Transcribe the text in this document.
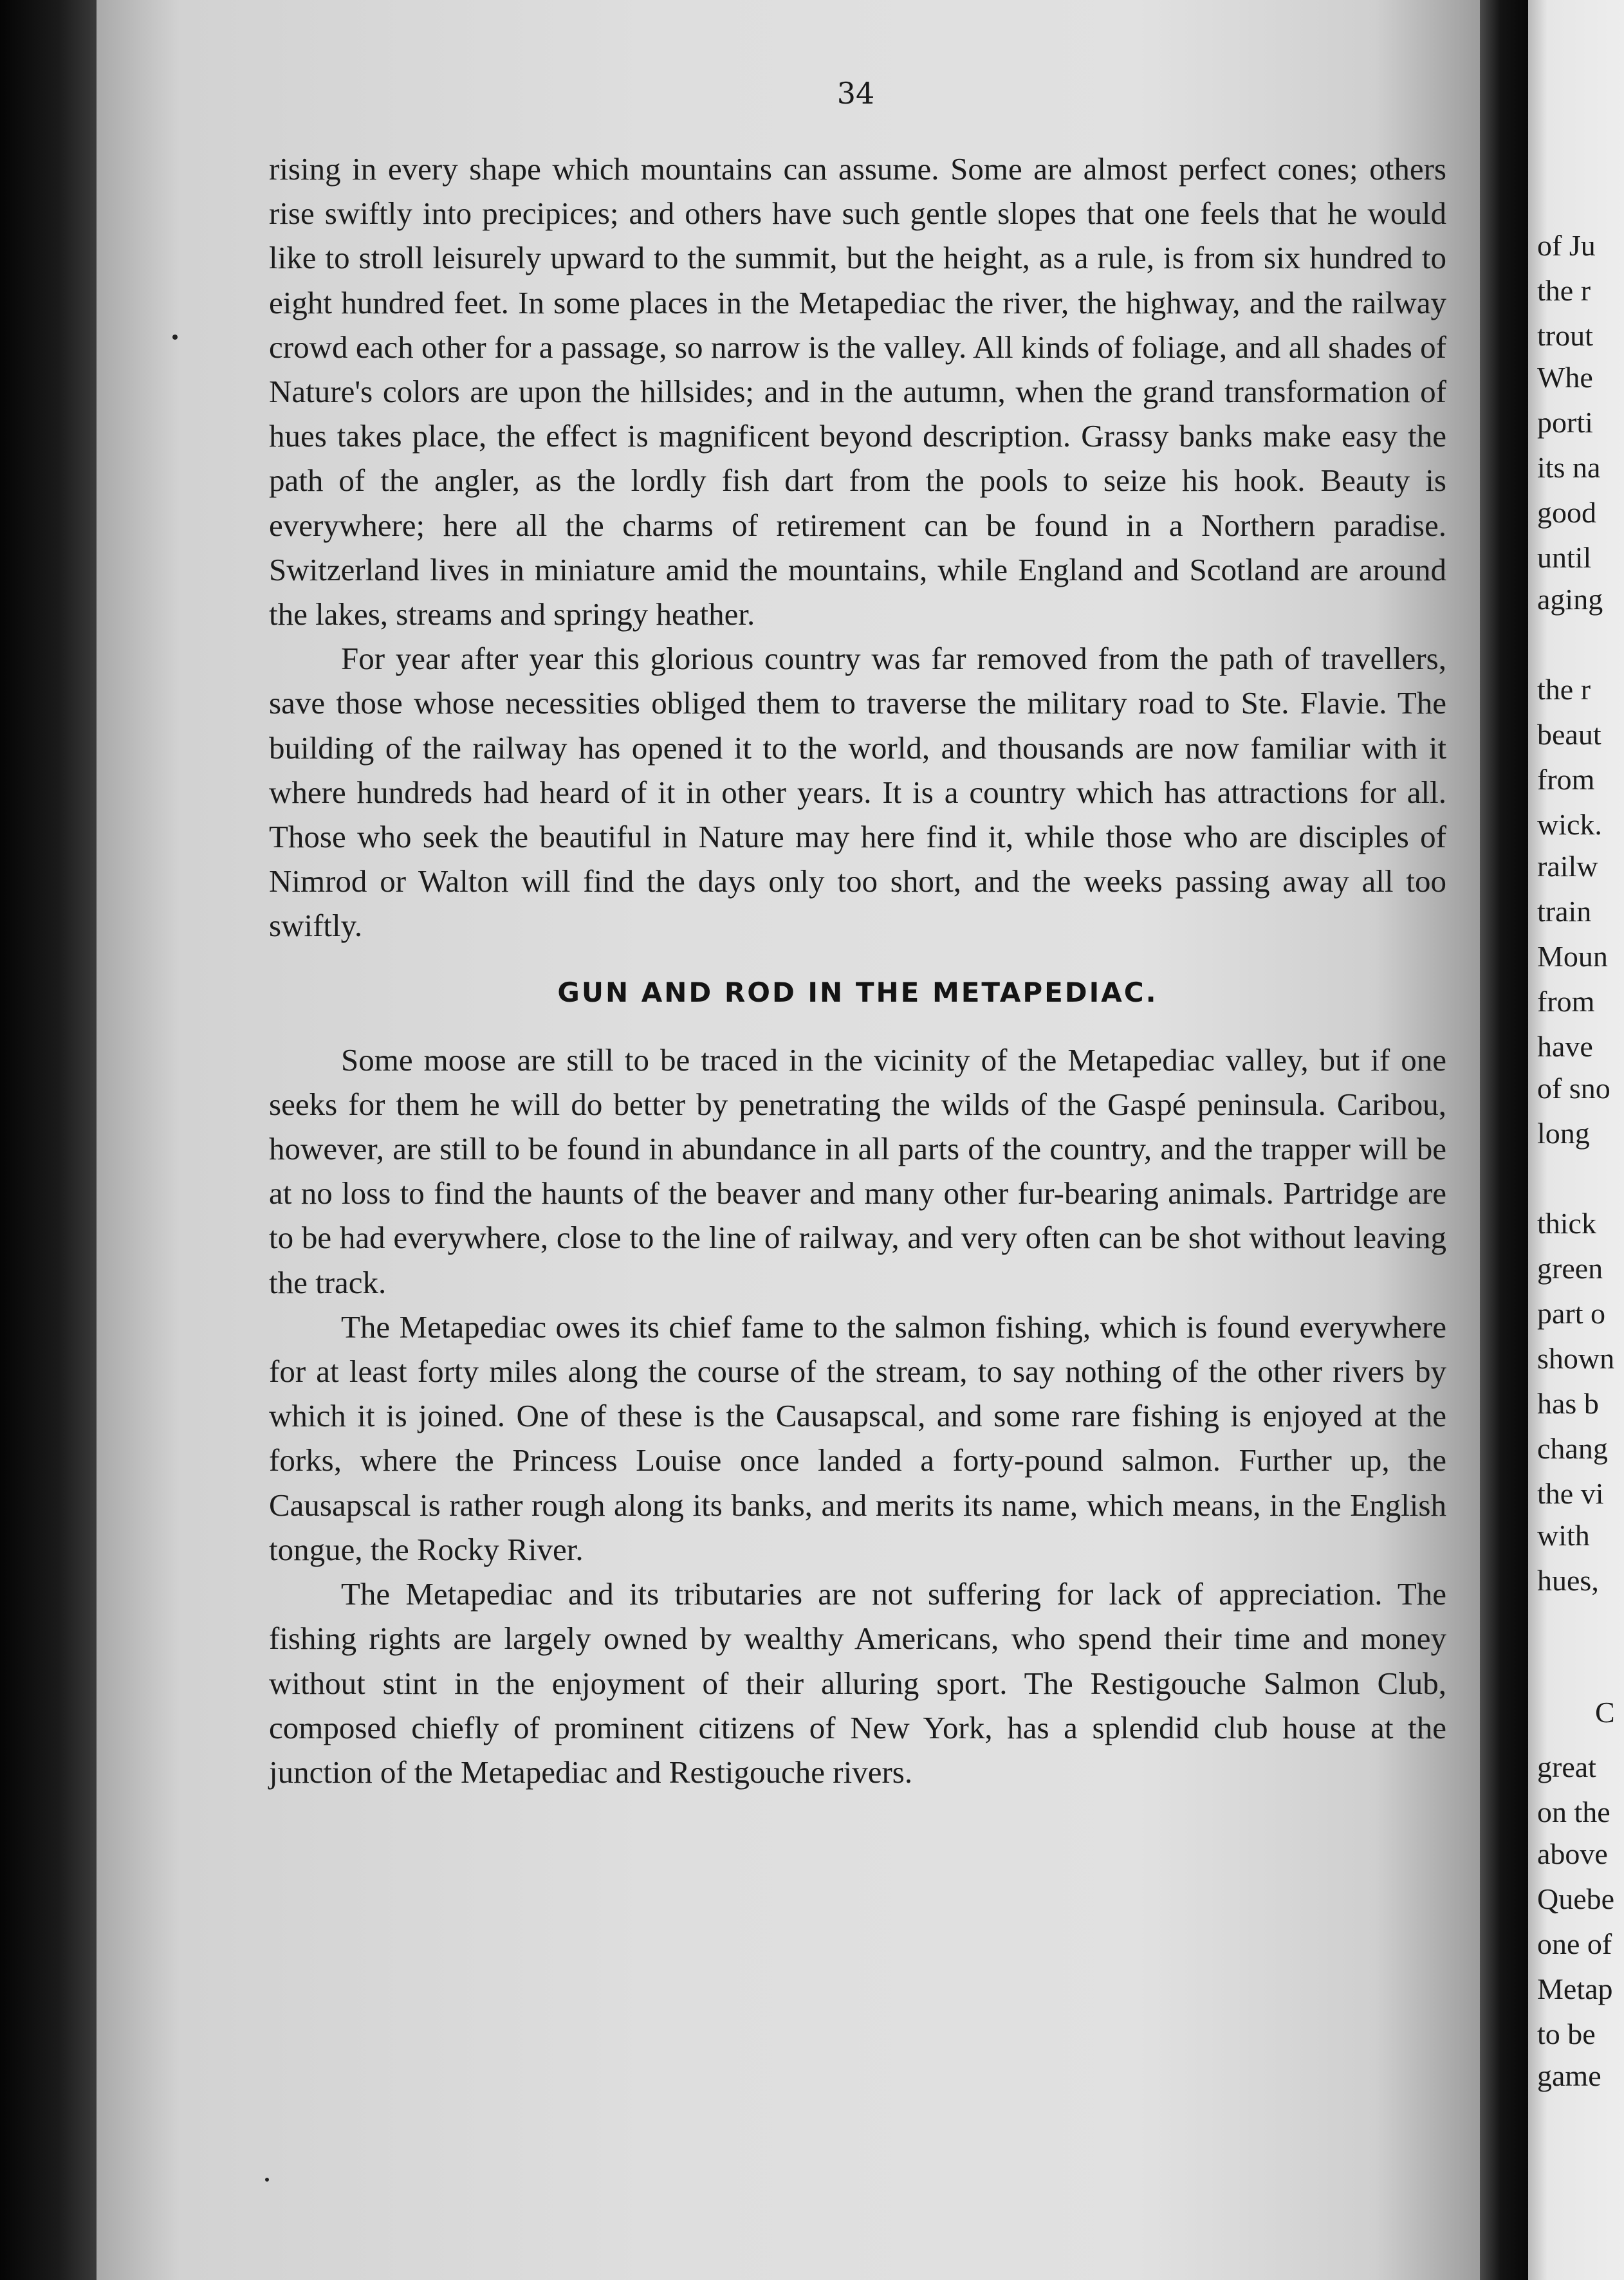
34

rising in every shape which mountains can assume. Some are almost perfect cones; others rise swiftly into precipices; and others have such gentle slopes that one feels that he would like to stroll leisurely upward to the summit, but the height, as a rule, is from six hundred to eight hundred feet. In some places in the Metapediac the river, the highway, and the railway crowd each other for a passage, so narrow is the valley. All kinds of foliage, and all shades of Nature's colors are upon the hillsides; and in the autumn, when the grand transformation of hues takes place, the effect is magnificent beyond description. Grassy banks make easy the path of the angler, as the lordly fish dart from the pools to seize his hook. Beauty is everywhere; here all the charms of retirement can be found in a Northern paradise. Switzerland lives in miniature amid the mountains, while England and Scotland are around the lakes, streams and springy heather.

For year after year this glorious country was far removed from the path of travellers, save those whose necessities obliged them to traverse the military road to Ste. Flavie. The building of the railway has opened it to the world, and thousands are now familiar with it where hundreds had heard of it in other years. It is a country which has attractions for all. Those who seek the beautiful in Nature may here find it, while those who are disciples of Nimrod or Walton will find the days only too short, and the weeks passing away all too swiftly.

GUN AND ROD IN THE METAPEDIAC.

Some moose are still to be traced in the vicinity of the Metapediac valley, but if one seeks for them he will do better by penetrating the wilds of the Gaspé peninsula. Caribou, however, are still to be found in abundance in all parts of the country, and the trapper will be at no loss to find the haunts of the beaver and many other fur-bearing animals. Partridge are to be had everywhere, close to the line of railway, and very often can be shot without leaving the track.

The Metapediac owes its chief fame to the salmon fishing, which is found everywhere for at least forty miles along the course of the stream, to say nothing of the other rivers by which it is joined. One of these is the Causapscal, and some rare fishing is enjoyed at the forks, where the Princess Louise once landed a forty-pound salmon. Further up, the Causapscal is rather rough along its banks, and merits its name, which means, in the English tongue, the Rocky River.

The Metapediac and its tributaries are not suffering for lack of appreciation. The fishing rights are largely owned by wealthy Americans, who spend their time and money without stint in the enjoyment of their alluring sport. The Restigouche Salmon Club, composed chiefly of prominent citizens of New York, has a splendid club house at the junction of the Metapediac and Restigouche rivers.

of Ju
the r
trout
Whe
porti
its na
good
until
aging
the r
beaut
from
wick.
railw
train
Moun
from
have
of sno
long
thick
green
part o
shown
has b
chang
the vi
with
hues,
C
great
on the
above
Quebe
one of
Metap
to be
game
